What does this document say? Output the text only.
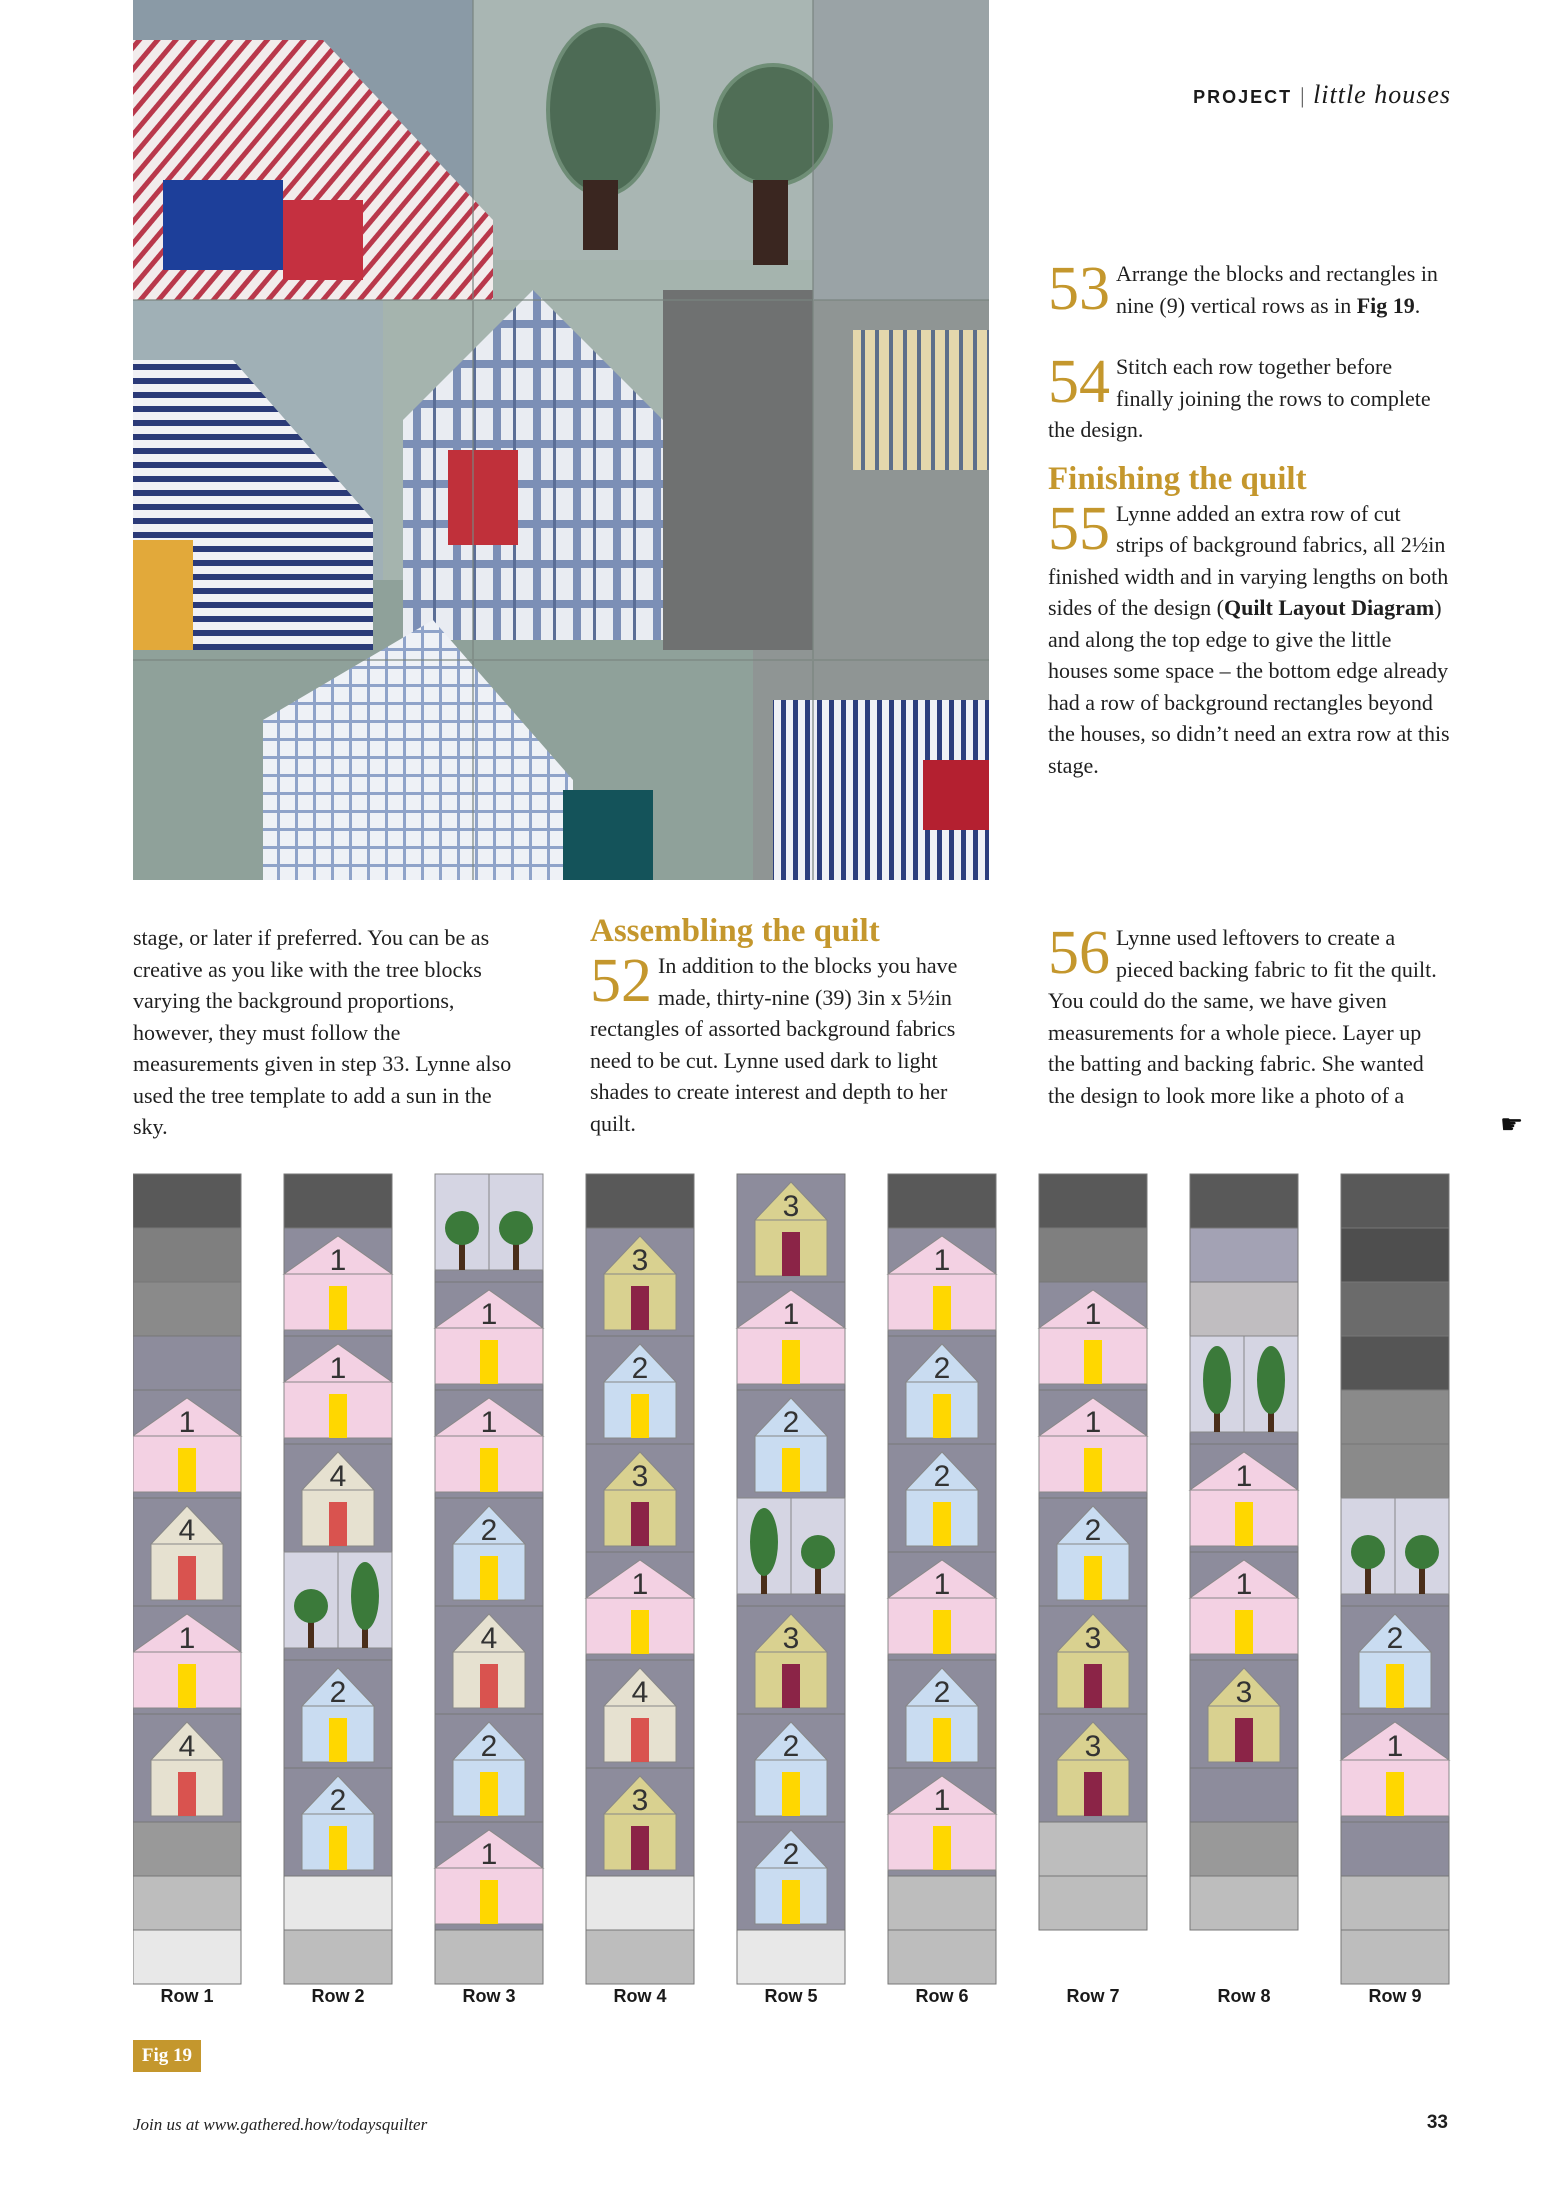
PROJECT | little houses

53 Arrange the blocks and rectangles in nine (9) vertical rows as in Fig 19.

54 Stitch each row together before finally joining the rows to complete the design.

Finishing the quilt

55 Lynne added an extra row of cut strips of background fabrics, all 2½in finished width and in varying lengths on both sides of the design (Quilt Layout Diagram) and along the top edge to give the little houses some space – the bottom edge already had a row of background rectangles beyond the houses, so didn’t need an extra row at this stage.

stage, or later if preferred. You can be as creative as you like with the tree blocks varying the background proportions, however, they must follow the measurements given in step 33. Lynne also used the tree template to add a sun in the sky.

Assembling the quilt

52 In addition to the blocks you have made, thirty-nine (39) 3in x 5½in rectangles of assorted background fabrics need to be cut. Lynne used dark to light shades to create interest and depth to her quilt.

56 Lynne used leftovers to create a pieced backing fabric to fit the quilt. You could do the same, we have given measurements for a whole piece. Layer up the batting and backing fabric. She wanted the design to look more like a photo of a

☛
1
4
1
4
Row 1
1
1
4
2
2
Row 2
1
1
2
4
2
1
Row 3
3
2
3
1
4
3
Row 4
3
1
2
3
2
2
Row 5
1
2
2
1
2
1
Row 6
1
1
2
3
3
Row 7
1
1
3
Row 8
2
1
Row 9
Fig 19
Join us at www.gathered.how/todaysquilter	33
